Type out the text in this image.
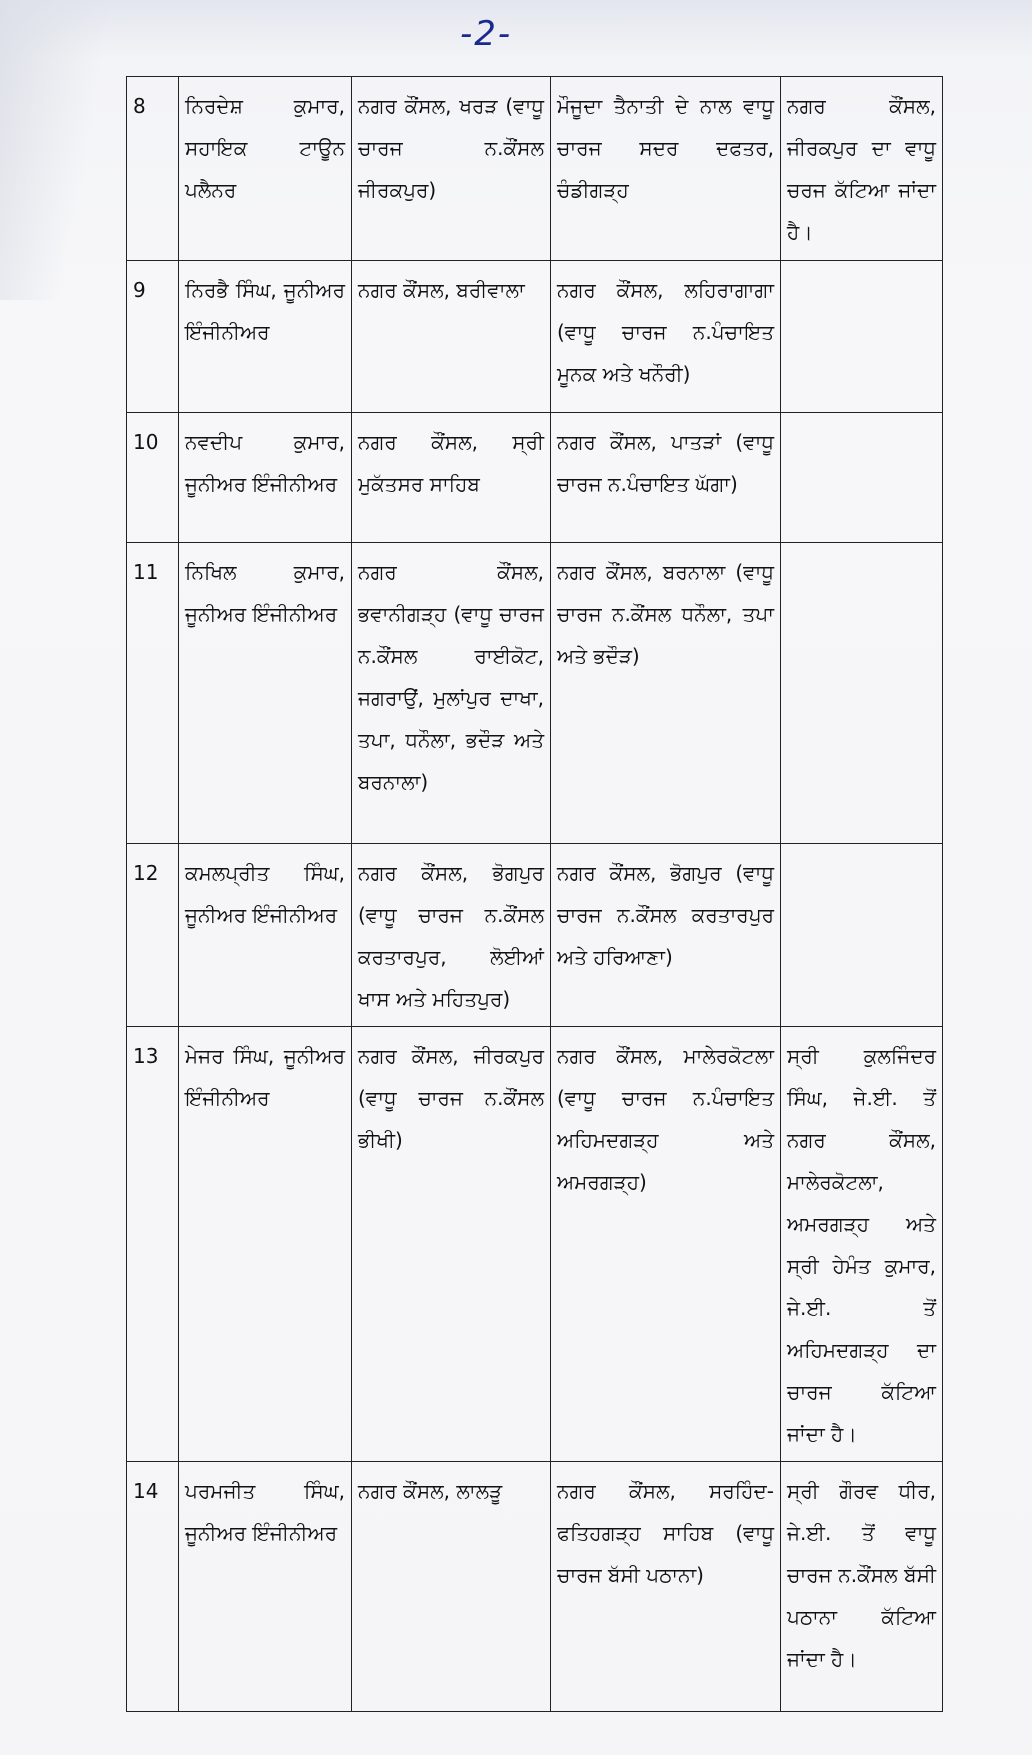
-2-
8	ਨਿਰਦੇਸ਼ ਕੁਮਾਰ, ਸਹਾਇਕ ਟਾਊਨ ਪਲੈਨਰ	ਨਗਰ ਕੌਂਸਲ, ਖਰੜ (ਵਾਧੂ ਚਾਰਜ ਨ.ਕੌਂਸਲ ਜੀਰਕਪੁਰ)	ਮੌਜੂਦਾ ਤੈਨਾਤੀ ਦੇ ਨਾਲ ਵਾਧੂ ਚਾਰਜ ਸਦਰ ਦਫਤਰ, ਚੰਡੀਗੜ੍ਹ	ਨਗਰ ਕੌਂਸਲ, ਜੀਰਕਪੁਰ ਦਾ ਵਾਧੂ ਚਰਜ ਕੱਟਿਆ ਜਾਂਦਾ ਹੈ।
9	ਨਿਰਭੈ ਸਿੰਘ, ਜੂਨੀਅਰ ਇੰਜੀਨੀਅਰ	ਨਗਰ ਕੌਂਸਲ, ਬਰੀਵਾਲਾ	ਨਗਰ ਕੌਂਸਲ, ਲਹਿਰਾਗਾਗਾ (ਵਾਧੂ ਚਾਰਜ ਨ.ਪੰਚਾਇਤ ਮੂਨਕ ਅਤੇ ਖਨੌਰੀ)	
10	ਨਵਦੀਪ ਕੁਮਾਰ, ਜੂਨੀਅਰ ਇੰਜੀਨੀਅਰ	ਨਗਰ ਕੌਂਸਲ, ਸ੍ਰੀ ਮੁਕੱਤਸਰ ਸਾਹਿਬ	ਨਗਰ ਕੌਂਸਲ, ਪਾਤੜਾਂ (ਵਾਧੂ ਚਾਰਜ ਨ.ਪੰਚਾਇਤ ਘੱਗਾ)	
11	ਨਿਖਿਲ ਕੁਮਾਰ, ਜੂਨੀਅਰ ਇੰਜੀਨੀਅਰ	ਨਗਰ ਕੌਂਸਲ, ਭਵਾਨੀਗੜ੍ਹ (ਵਾਧੂ ਚਾਰਜ ਨ.ਕੌਂਸਲ ਰਾਈਕੋਟ, ਜਗਰਾਉਂ, ਮੁਲਾਂਪੁਰ ਦਾਖਾ, ਤਪਾ, ਧਨੌਲਾ, ਭਦੌੜ ਅਤੇ ਬਰਨਾਲਾ)	ਨਗਰ ਕੌਂਸਲ, ਬਰਨਾਲਾ (ਵਾਧੂ ਚਾਰਜ ਨ.ਕੌਂਸਲ ਧਨੌਲਾ, ਤਪਾ ਅਤੇ ਭਦੌੜ)	
12	ਕਮਲਪ੍ਰੀਤ ਸਿੰਘ, ਜੂਨੀਅਰ ਇੰਜੀਨੀਅਰ	ਨਗਰ ਕੌਂਸਲ, ਭੋਗਪੁਰ (ਵਾਧੂ ਚਾਰਜ ਨ.ਕੌਂਸਲ ਕਰਤਾਰਪੁਰ, ਲੋਈਆਂ ਖਾਸ ਅਤੇ ਮਹਿਤਪੁਰ)	ਨਗਰ ਕੌਂਸਲ, ਭੋਗਪੁਰ (ਵਾਧੂ ਚਾਰਜ ਨ.ਕੌਂਸਲ ਕਰਤਾਰਪੁਰ ਅਤੇ ਹਰਿਆਣਾ)	
13	ਮੇਜਰ ਸਿੰਘ, ਜੂਨੀਅਰ ਇੰਜੀਨੀਅਰ	ਨਗਰ ਕੌਂਸਲ, ਜੀਰਕਪੁਰ (ਵਾਧੂ ਚਾਰਜ ਨ.ਕੌਂਸਲ ਭੀਖੀ)	ਨਗਰ ਕੌਂਸਲ, ਮਾਲੇਰਕੋਟਲਾ (ਵਾਧੂ ਚਾਰਜ ਨ.ਪੰਚਾਇਤ ਅਹਿਮਦਗੜ੍ਹ ਅਤੇ ਅਮਰਗੜ੍ਹ)	ਸ੍ਰੀ ਕੁਲਜਿੰਦਰ ਸਿੰਘ, ਜੇ.ਈ. ਤੋਂ ਨਗਰ ਕੌਂਸਲ, ਮਾਲੇਰਕੋਟਲਾ, ਅਮਰਗੜ੍ਹ ਅਤੇ ਸ੍ਰੀ ਹੇਮੰਤ ਕੁਮਾਰ, ਜੇ.ਈ. ਤੋਂ ਅਹਿਮਦਗੜ੍ਹ ਦਾ ਚਾਰਜ ਕੱਟਿਆ ਜਾਂਦਾ ਹੈ।
14	ਪਰਮਜੀਤ ਸਿੰਘ, ਜੂਨੀਅਰ ਇੰਜੀਨੀਅਰ	ਨਗਰ ਕੌਂਸਲ, ਲਾਲੜੂ	ਨਗਰ ਕੌਂਸਲ, ਸਰਹਿੰਦ-ਫਤਿਹਗੜ੍ਹ ਸਾਹਿਬ (ਵਾਧੂ ਚਾਰਜ ਬੱਸੀ ਪਠਾਨਾ)	ਸ੍ਰੀ ਗੌਰਵ ਧੀਰ, ਜੇ.ਈ. ਤੋਂ ਵਾਧੂ ਚਾਰਜ ਨ.ਕੌਂਸਲ ਬੱਸੀ ਪਠਾਨਾ ਕੱਟਿਆ ਜਾਂਦਾ ਹੈ।
